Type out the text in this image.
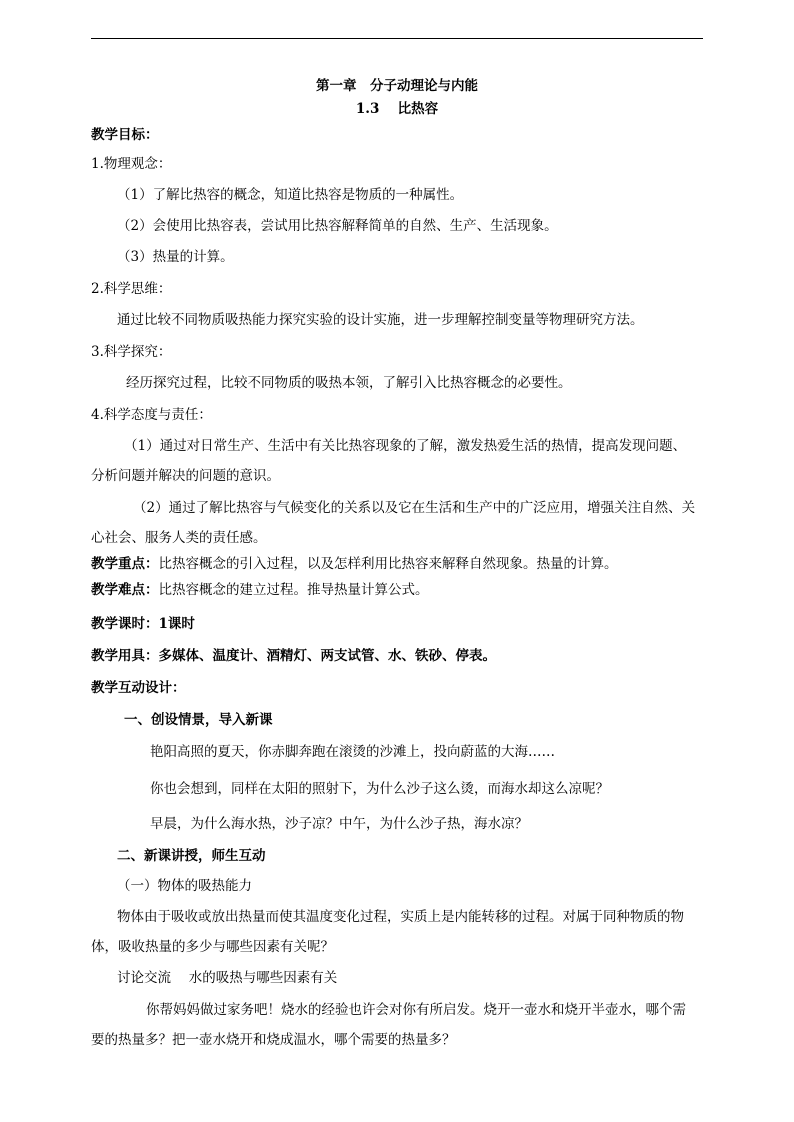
第一章　分子动理论与内能
1.3　 比热容
教学目标：
1.物理观念：
（1）了解比热容的概念，知道比热容是物质的一种属性。
（2）会使用比热容表，尝试用比热容解释简单的自然、生产、生活现象。
（3）热量的计算。
2.科学思维：
通过比较不同物质吸热能力探究实验的设计实施，进一步理解控制变量等物理研究方法。
3.科学探究：
经历探究过程，比较不同物质的吸热本领，了解引入比热容概念的必要性。
4.科学态度与责任：
（1）通过对日常生产、生活中有关比热容现象的了解，激发热爱生活的热情，提高发现问题、
分析问题并解决的问题的意识。
（2）通过了解比热容与气候变化的关系以及它在生活和生产中的广泛应用，增强关注自然、关
心社会、服务人类的责任感。
教学重点：比热容概念的引入过程，以及怎样利用比热容来解释自然现象。热量的计算。
教学难点：比热容概念的建立过程。推导热量计算公式。
教学课时：1课时
教学用具：多媒体、温度计、酒精灯、两支试管、水、铁砂、停表。
教学互动设计：
一、创设情景，导入新课
艳阳高照的夏天，你赤脚奔跑在滚烫的沙滩上，投向蔚蓝的大海……
你也会想到，同样在太阳的照射下，为什么沙子这么烫，而海水却这么凉呢？
早晨，为什么海水热，沙子凉？中午，为什么沙子热，海水凉？
二、新课讲授，师生互动
（一）物体的吸热能力
物体由于吸收或放出热量而使其温度变化过程，实质上是内能转移的过程。对属于同种物质的物
体，吸收热量的多少与哪些因素有关呢？
讨论交流　 水的吸热与哪些因素有关
你帮妈妈做过家务吧！烧水的经验也许会对你有所启发。烧开一壶水和烧开半壶水，哪个需
要的热量多？把一壶水烧开和烧成温水，哪个需要的热量多？
